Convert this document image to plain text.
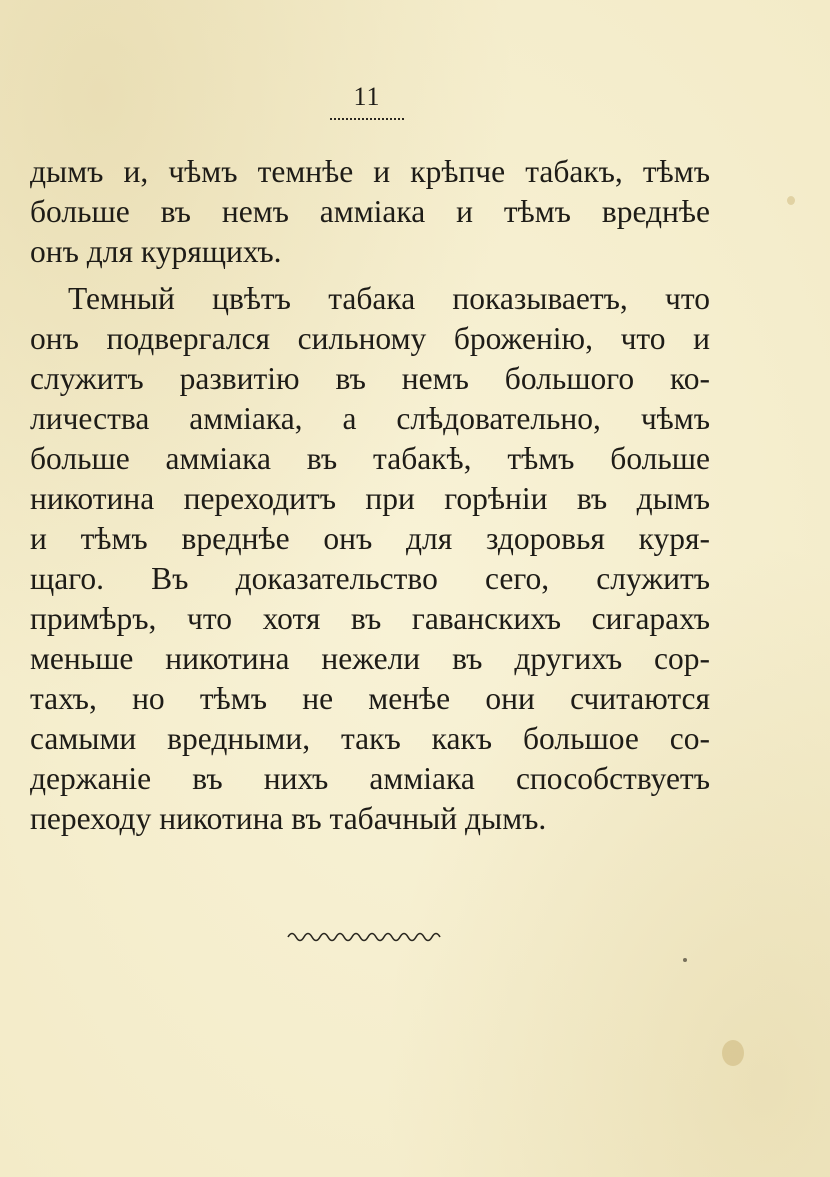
11
дымъ и, чѣмъ темнѣе и крѣпче табакъ, тѣмъ
больше въ немъ амміака и тѣмъ вреднѣе
онъ для курящихъ.
Темный цвѣтъ табака показываетъ, что
онъ подвергался сильному броженію, что и
служитъ развитію въ немъ большого ко-
личества амміака, а слѣдовательно, чѣмъ
больше амміака въ табакѣ, тѣмъ больше
никотина переходитъ при горѣніи въ дымъ
и тѣмъ вреднѣе онъ для здоровья куря-
щаго. Въ доказательство сего, служитъ
примѣръ, что хотя въ гаванскихъ сигарахъ
меньше никотина нежели въ другихъ сор-
тахъ, но тѣмъ не менѣе они считаются
самыми вредными, такъ какъ большое со-
держаніе въ нихъ амміака способствуетъ
переходу никотина въ табачный дымъ.
